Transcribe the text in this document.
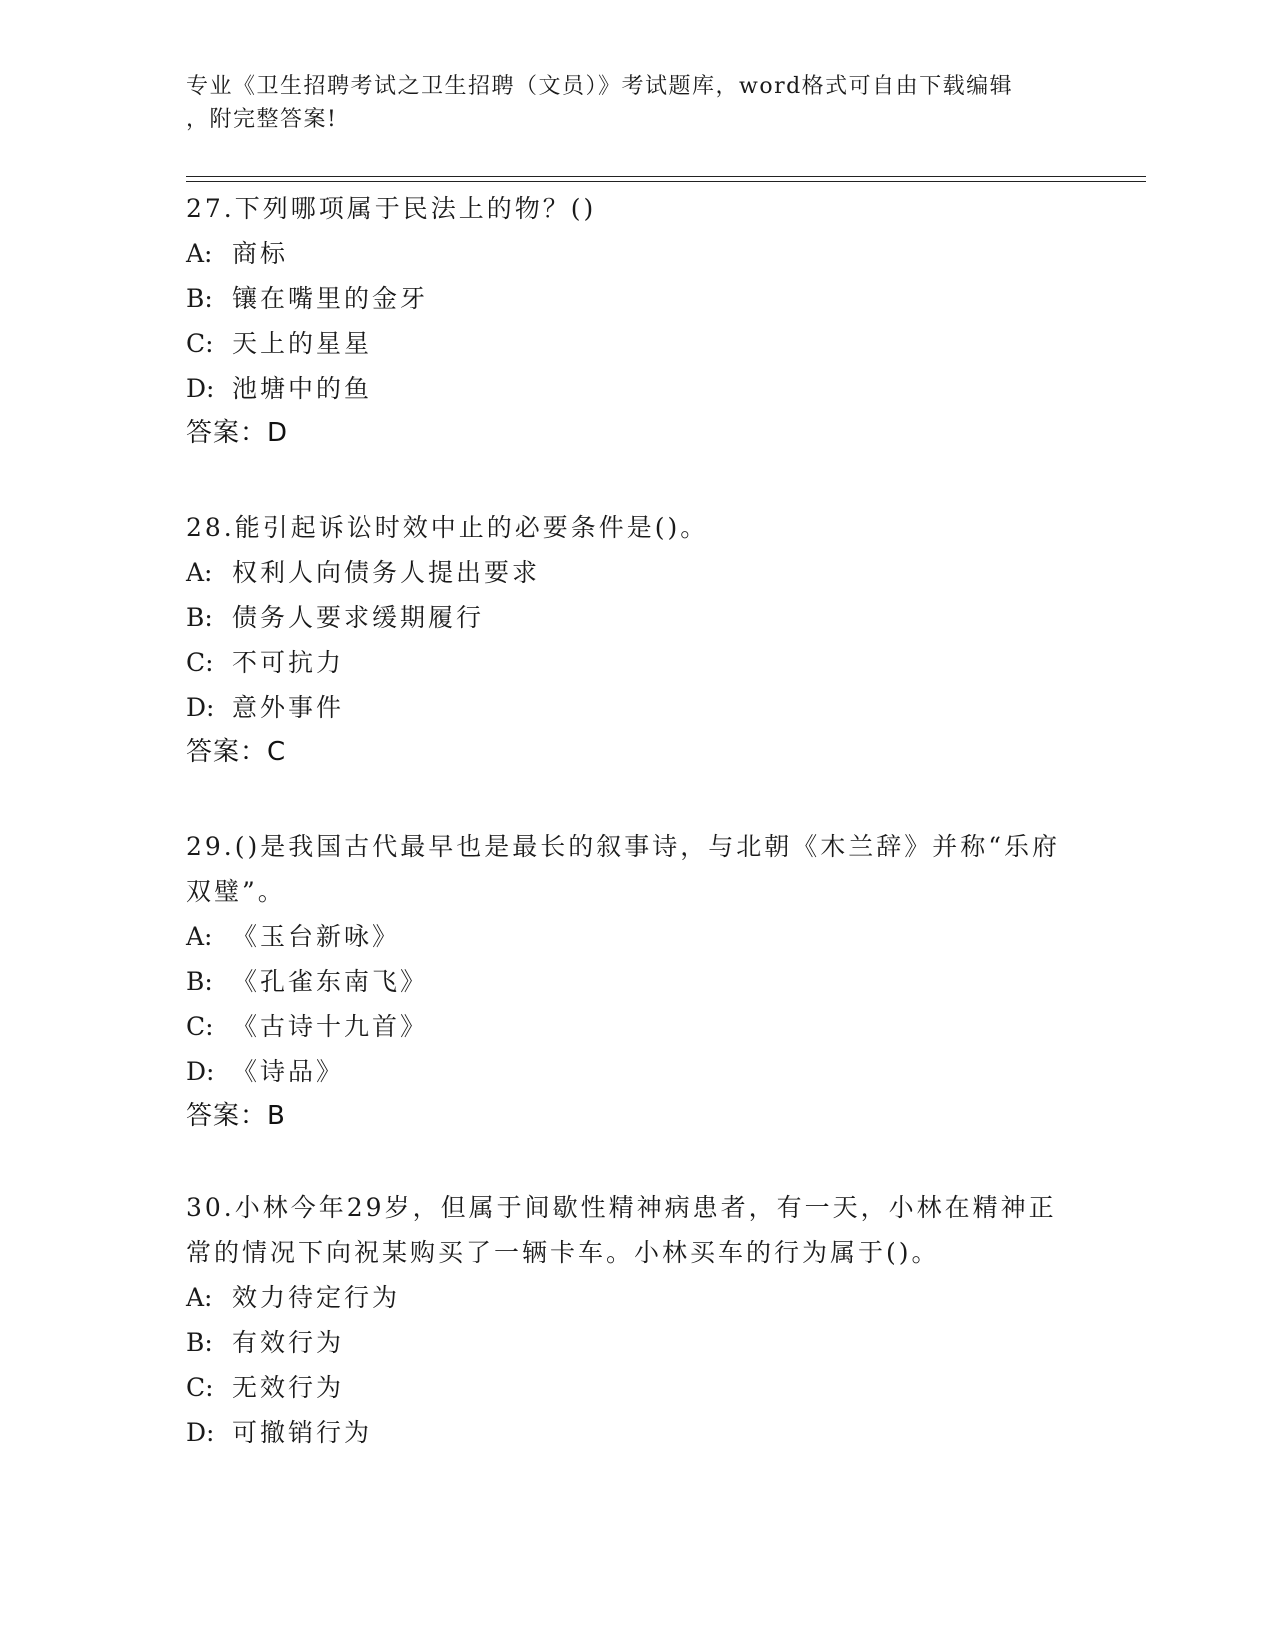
专业《卫生招聘考试之卫生招聘（文员）》考试题库，word格式可自由下载编辑
，附完整答案!

27.下列哪项属于民法上的物？()

A: 商标

B: 镶在嘴里的金牙

C: 天上的星星

D: 池塘中的鱼

答案：D

28.能引起诉讼时效中止的必要条件是()。

A: 权利人向债务人提出要求

B: 债务人要求缓期履行

C: 不可抗力

D: 意外事件

答案：C

29.()是我国古代最早也是最长的叙事诗，与北朝《木兰辞》并称“乐府双璧”。

A: 《玉台新咏》

B: 《孔雀东南飞》

C: 《古诗十九首》

D: 《诗品》

答案：B

30.小林今年29岁，但属于间歇性精神病患者，有一天，小林在精神正常的情况下向祝某购买了一辆卡车。小林买车的行为属于()。

A: 效力待定行为

B: 有效行为

C: 无效行为

D: 可撤销行为
